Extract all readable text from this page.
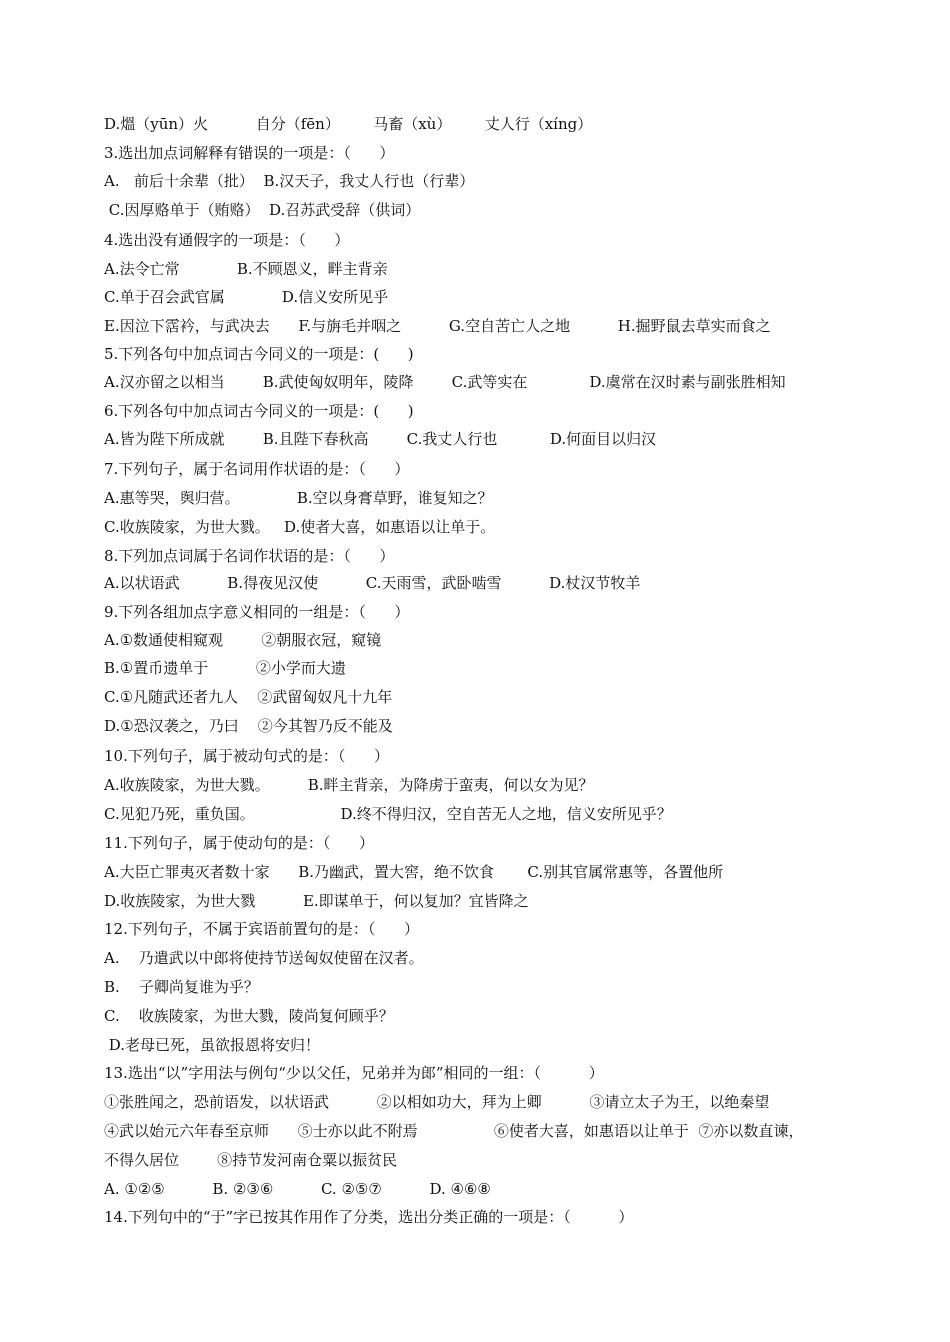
D.熅（yūn）火          自分（fēn）       马畜（xù）       丈人行（xíng）
3.选出加点词解释有错误的一项是：（      ）
A.   前后十余辈（批）  B.汉天子，我丈人行也（行辈）
C.因厚赂单于（贿赂）  D.召苏武受辞（供词）
4.选出没有通假字的一项是：（      ）
A.法令亡常            B.不顾恩义，畔主背亲
C.单于召会武官属            D.信义安所见乎
E.因泣下霑衿，与武决去      F.与旃毛并咽之          G.空自苦亡人之地          H.掘野鼠去草实而食之
5.下列各句中加点词古今同义的一项是：(      )
A.汉亦留之以相当        B.武使匈奴明年，陵降        C.武等实在             D.虞常在汉时素与副张胜相知
6.下列各句中加点词古今同义的一项是：(      )
A.皆为陛下所成就        B.且陛下春秋高        C.我丈人行也           D.何面目以归汉
7.下列句子，属于名词用作状语的是：（      ）
A.惠等哭，舆归营。            B.空以身膏草野，谁复知之？
C.收族陵家，为世大戮。   D.使者大喜，如惠语以让单于。
8.下列加点词属于名词作状语的是：（      ）
A.以状语武          B.得夜见汉使          C.天雨雪，武卧啮雪          D.杖汉节牧羊
9.下列各组加点字意义相同的一组是：（      ）
A.①数通使相窥观        ②朝服衣冠，窥镜
B.①置币遗单于          ②小学而大遗
C.①凡随武还者九人    ②武留匈奴凡十九年
D.①恐汉袭之，乃曰    ②今其智乃反不能及
10.下列句子，属于被动句式的是：（      ）
A.收族陵家，为世大戮。        B.畔主背亲，为降虏于蛮夷，何以女为见？
C.见犯乃死，重负国。                  D.终不得归汉，空自苦无人之地，信义安所见乎？
11.下列句子，属于使动句的是：（      ）
A.大臣亡罪夷灭者数十家      B.乃幽武，置大窖，绝不饮食       C.别其官属常惠等，各置他所
D.收族陵家，为世大戮          E.即谋单于，何以复加？宜皆降之
12.下列句子，不属于宾语前置句的是：（      ）
A.    乃遣武以中郎将使持节送匈奴使留在汉者。
B.    子卿尚复谁为乎？
C.    收族陵家，为世大戮，陵尚复何顾乎？
D.老母已死，虽欲报恩将安归！
13.选出“以”字用法与例句“少以父任，兄弟并为郎”相同的一组：（          ）
①张胜闻之，恐前语发，以状语武          ②以相如功大，拜为上卿          ③请立太子为王，以绝秦望
④武以始元六年春至京师      ⑤士亦以此不附焉                ⑥使者大喜，如惠语以让单于  ⑦亦以数直谏，
不得久居位        ⑧持节发河南仓粟以振贫民
A. ①②⑤          B. ②③⑥          C. ②⑤⑦          D. ④⑥⑧
14.下列句中的“于”字已按其作用作了分类，选出分类正确的一项是：（          ）
